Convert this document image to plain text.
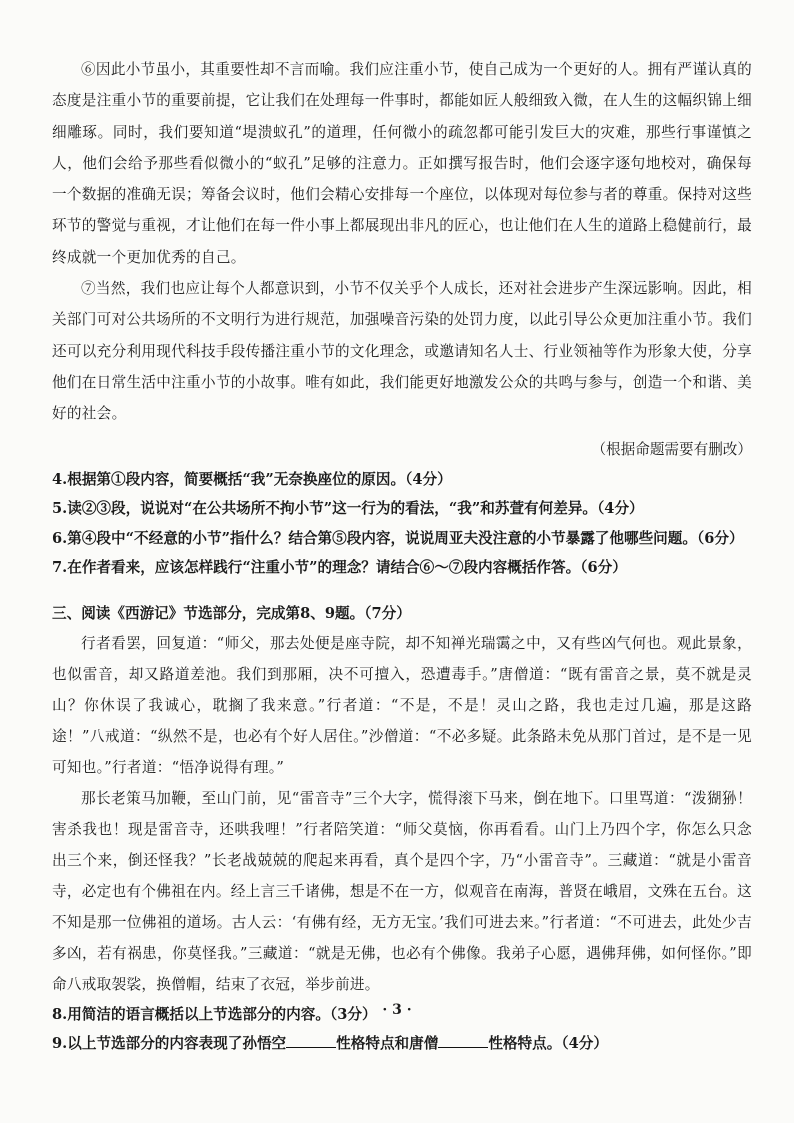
⑥因此小节虽小，其重要性却不言而喻。我们应注重小节，使自己成为一个更好的人。拥有严谨认真的态度是注重小节的重要前提，它让我们在处理每一件事时，都能如匠人般细致入微，在人生的这幅织锦上细细雕琢。同时，我们要知道“堤溃蚁孔”的道理，任何微小的疏忽都可能引发巨大的灾难，那些行事谨慎之人，他们会给予那些看似微小的“蚁孔”足够的注意力。正如撰写报告时，他们会逐字逐句地校对，确保每一个数据的准确无误；筹备会议时，他们会精心安排每一个座位，以体现对每位参与者的尊重。保持对这些环节的警觉与重视，才让他们在每一件小事上都展现出非凡的匠心，也让他们在人生的道路上稳健前行，最终成就一个更加优秀的自己。

⑦当然，我们也应让每个人都意识到，小节不仅关乎个人成长，还对社会进步产生深远影响。因此，相关部门可对公共场所的不文明行为进行规范，加强噪音污染的处罚力度，以此引导公众更加注重小节。我们还可以充分利用现代科技手段传播注重小节的文化理念，或邀请知名人士、行业领袖等作为形象大使，分享他们在日常生活中注重小节的小故事。唯有如此，我们能更好地激发公众的共鸣与参与，创造一个和谐、美好的社会。

（根据命题需要有删改）

4.根据第①段内容，简要概括“我”无奈换座位的原因。（4分）

5.读②③段，说说对“在公共场所不拘小节”这一行为的看法，“我”和苏萱有何差异。（4分）

6.第④段中“不经意的小节”指什么？结合第⑤段内容，说说周亚夫没注意的小节暴露了他哪些问题。（6分）

7.在作者看来，应该怎样践行“注重小节”的理念？请结合⑥～⑦段内容概括作答。（6分）

三、阅读《西游记》节选部分，完成第8、9题。（7分）

行者看罢，回复道：“师父，那去处便是座寺院，却不知禅光瑞霭之中，又有些凶气何也。观此景象，也似雷音，却又路道差池。我们到那厢，决不可擅入，恐遭毒手。”唐僧道：“既有雷音之景，莫不就是灵山？你休误了我诚心，耽搁了我来意。”行者道：“不是，不是！灵山之路，我也走过几遍，那是这路途！”八戒道：“纵然不是，也必有个好人居住。”沙僧道：“不必多疑。此条路未免从那门首过，是不是一见可知也。”行者道：“悟净说得有理。”

那长老策马加鞭，至山门前，见“雷音寺”三个大字，慌得滚下马来，倒在地下。口里骂道：“泼猢狲！害杀我也！现是雷音寺，还哄我哩！”行者陪笑道：“师父莫恼，你再看看。山门上乃四个字，你怎么只念出三个来，倒还怪我？”长老战兢兢的爬起来再看，真个是四个字，乃“小雷音寺”。三藏道：“就是小雷音寺，必定也有个佛祖在内。经上言三千诸佛，想是不在一方，似观音在南海，普贤在峨眉，文殊在五台。这不知是那一位佛祖的道场。古人云：‘有佛有经，无方无宝。’我们可进去来。”行者道：“不可进去，此处少吉多凶，若有祸患，你莫怪我。”三藏道：“就是无佛，也必有个佛像。我弟子心愿，遇佛拜佛，如何怪你。”即命八戒取袈裟，换僧帽，结束了衣冠，举步前进。

8.用简洁的语言概括以上节选部分的内容。（3分）

9.以上节选部分的内容表现了孙悟空	性格特点和唐僧	性格特点。（4分）

· 3 ·
